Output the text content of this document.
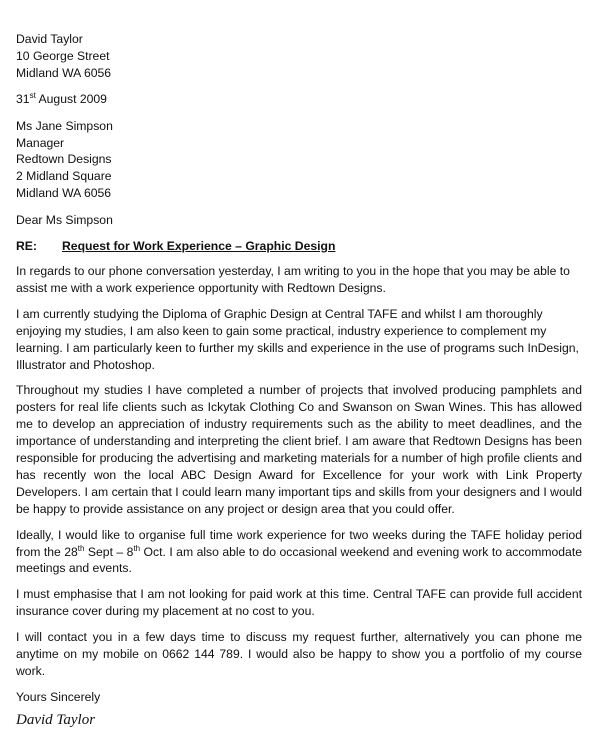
David Taylor
10 George Street
Midland WA 6056
31st August 2009
Ms Jane Simpson
Manager
Redtown Designs
2 Midland Square
Midland WA 6056
Dear Ms Simpson
RE: Request for Work Experience – Graphic Design

In regards to our phone conversation yesterday, I am writing to you in the hope that you may be able to assist me with a work experience opportunity with Redtown Designs.

I am currently studying the Diploma of Graphic Design at Central TAFE and whilst I am thoroughly enjoying my studies, I am also keen to gain some practical, industry experience to complement my learning. I am particularly keen to further my skills and experience in the use of programs such InDesign, Illustrator and Photoshop.

Throughout my studies I have completed a number of projects that involved producing pamphlets and posters for real life clients such as Ickytak Clothing Co and Swanson on Swan Wines. This has allowed me to develop an appreciation of industry requirements such as the ability to meet deadlines, and the importance of understanding and interpreting the client brief. I am aware that Redtown Designs has been responsible for producing the advertising and marketing materials for a number of high profile clients and has recently won the local ABC Design Award for Excellence for your work with Link Property Developers. I am certain that I could learn many important tips and skills from your designers and I would be happy to provide assistance on any project or design area that you could offer.

Ideally, I would like to organise full time work experience for two weeks during the TAFE holiday period from the 28th Sept – 8th Oct. I am also able to do occasional weekend and evening work to accommodate meetings and events.

I must emphasise that I am not looking for paid work at this time. Central TAFE can provide full accident insurance cover during my placement at no cost to you.

I will contact you in a few days time to discuss my request further, alternatively you can phone me anytime on my mobile on 0662 144 789. I would also be happy to show you a portfolio of my course work.

Yours Sincerely
David Taylor
